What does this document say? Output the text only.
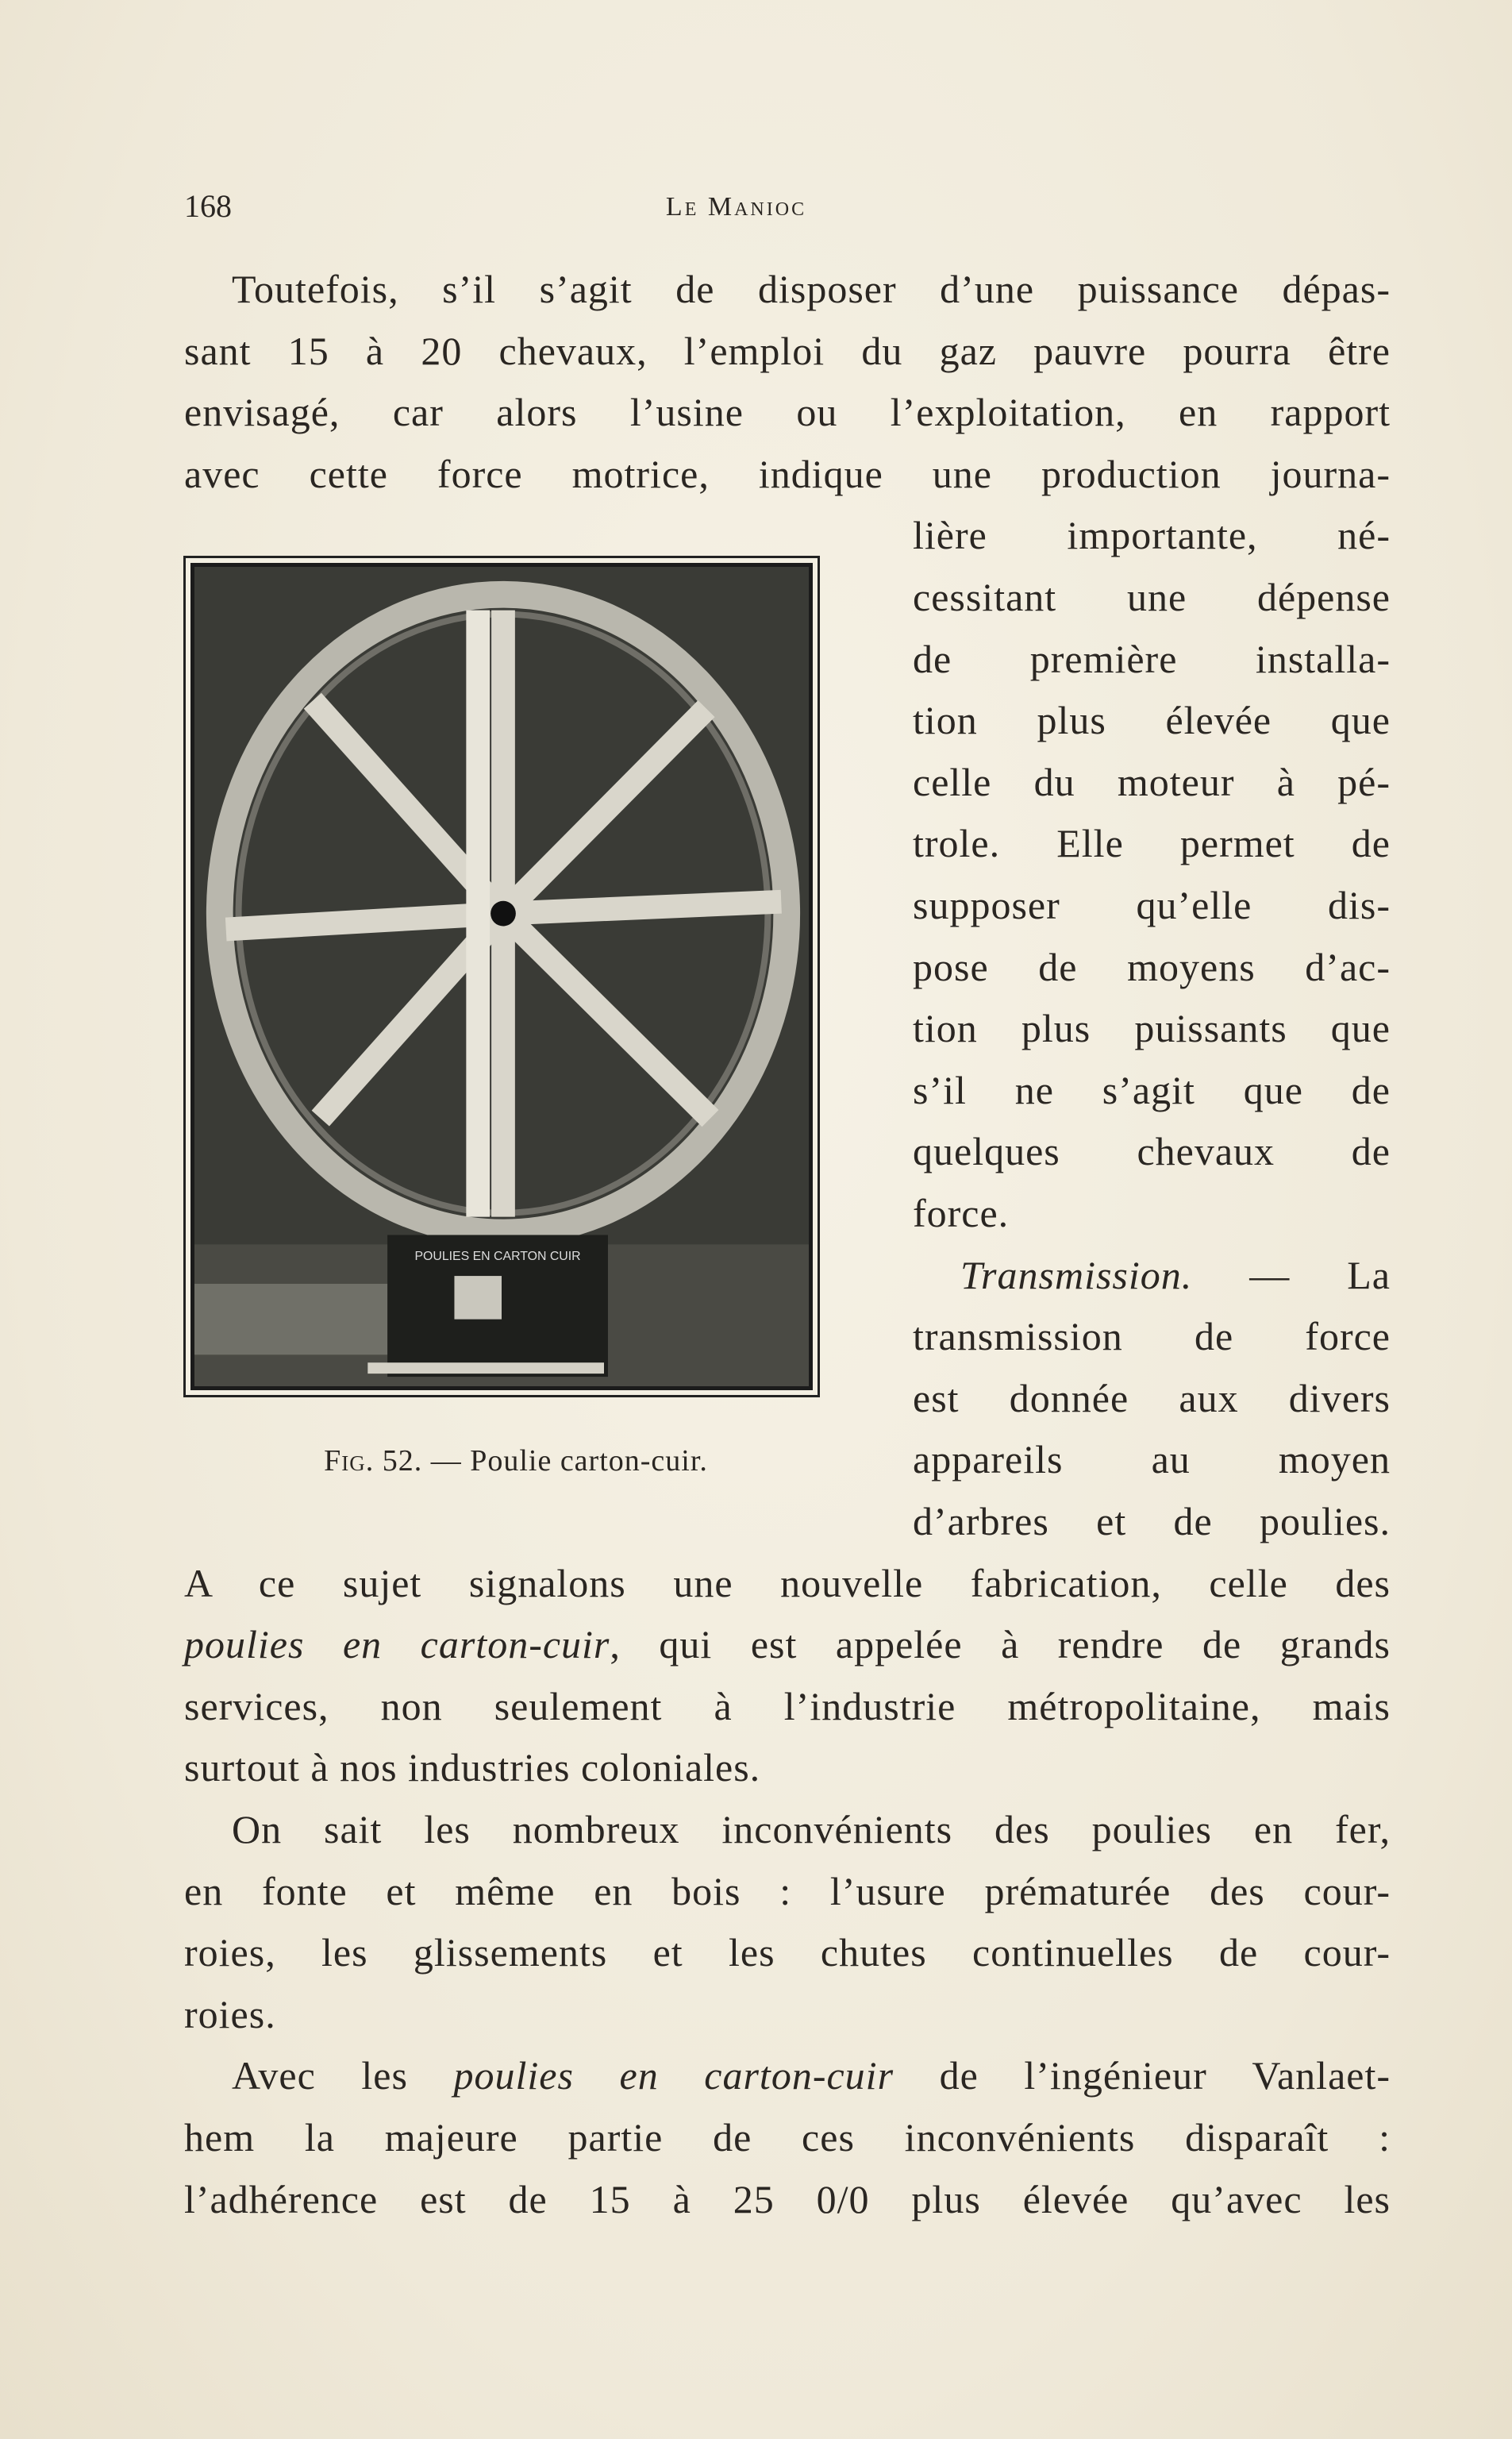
168	Le Manioc
Toutefois, s’il s’agit de disposer d’une puissance dépas-
sant 15 à 20 chevaux, l’emploi du gaz pauvre pourra être
envisagé, car alors l’usine ou l’exploitation, en rapport
avec cette force motrice, indique une production journa-
lière importante, né-
cessitant une dépense
de première installa-
tion plus élevée que
celle du moteur à pé-
trole. Elle permet de
supposer qu’elle dis-
pose de moyens d’ac-
tion plus puissants que
s’il ne s’agit que de
quelques chevaux de
force.
Transmission. — La
transmission de force
est donnée aux divers
appareils au moyen
d’arbres et de poulies.
A ce sujet signalons une nouvelle fabrication, celle des
poulies en carton-cuir, qui est appelée à rendre de grands
services, non seulement à l’industrie métropolitaine, mais
surtout à nos industries coloniales.
On sait les nombreux inconvénients des poulies en fer,
en fonte et même en bois : l’usure prématurée des cour-
roies, les glissements et les chutes continuelles de cour-
roies.
Avec les poulies en carton-cuir de l’ingénieur Vanlaet-
hem la majeure partie de ces inconvénients disparaît :
l’adhérence est de 15 à 25 0/0 plus élevée qu’avec les
POULIES EN CARTON CUIR
Fig. 52. — Poulie carton-cuir.
